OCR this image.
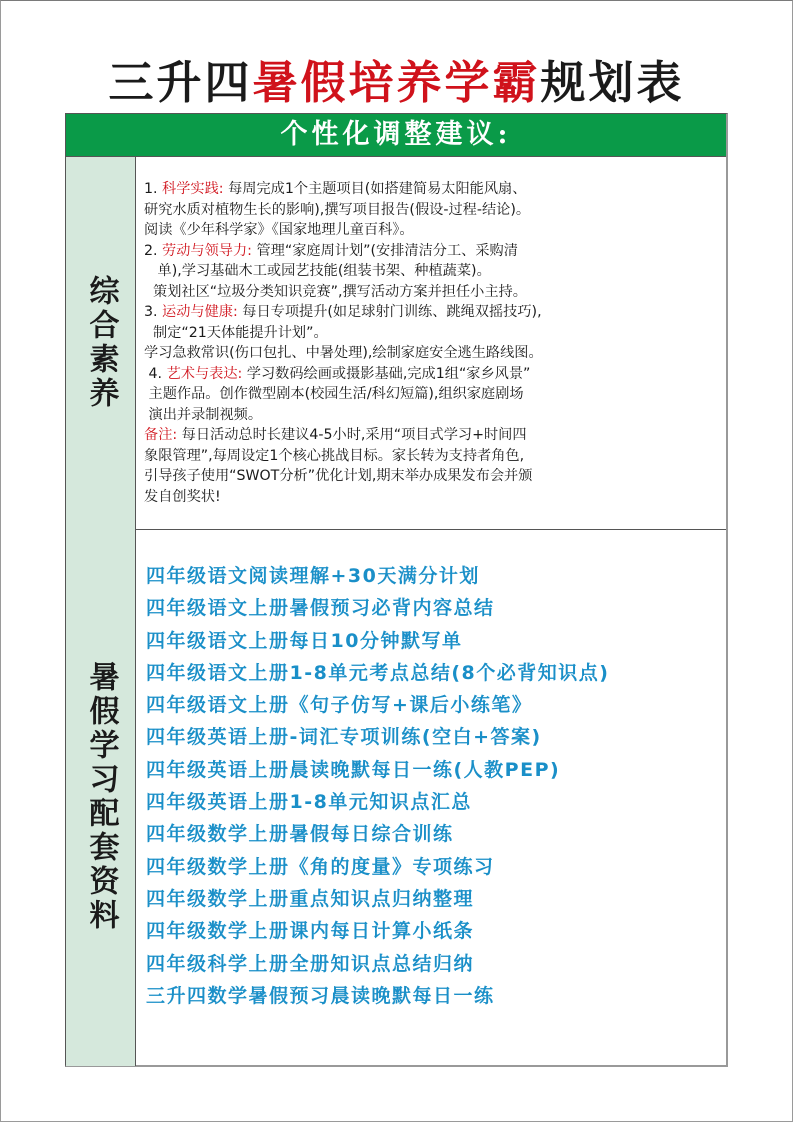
三升四暑假培养学霸规划表
个性化调整建议:
综合素养
1. 科学实践: 每周完成1个主题项目(如搭建简易太阳能风扇、
研究水质对植物生长的影响),撰写项目报告(假设-过程-结论)。
阅读《少年科学家》《国家地理儿童百科》。
2. 劳动与领导力: 管理“家庭周计划”(安排清洁分工、采购清
单),学习基础木工或园艺技能(组装书架、种植蔬菜)。
策划社区“垃圾分类知识竞赛”,撰写活动方案并担任小主持。
3. 运动与健康: 每日专项提升(如足球射门训练、跳绳双摇技巧),
制定“21天体能提升计划”。
学习急救常识(伤口包扎、中暑处理),绘制家庭安全逃生路线图。
4. 艺术与表达: 学习数码绘画或摄影基础,完成1组“家乡风景”
主题作品。创作微型剧本(校园生活/科幻短篇),组织家庭剧场
演出并录制视频。
备注: 每日活动总时长建议4-5小时,采用“项目式学习+时间四
象限管理”,每周设定1个核心挑战目标。家长转为支持者角色,
引导孩子使用“SWOT分析”优化计划,期末举办成果发布会并颁
发自创奖状!
暑假学习配套资料
四年级语文阅读理解+30天满分计划
四年级语文上册暑假预习必背内容总结
四年级语文上册每日10分钟默写单
四年级语文上册1-8单元考点总结(8个必背知识点)
四年级语文上册《句子仿写+课后小练笔》
四年级英语上册-词汇专项训练(空白+答案)
四年级英语上册晨读晚默每日一练(人教PEP)
四年级英语上册1-8单元知识点汇总
四年级数学上册暑假每日综合训练
四年级数学上册《角的度量》专项练习
四年级数学上册重点知识点归纳整理
四年级数学上册课内每日计算小纸条
四年级科学上册全册知识点总结归纳
三升四数学暑假预习晨读晚默每日一练
